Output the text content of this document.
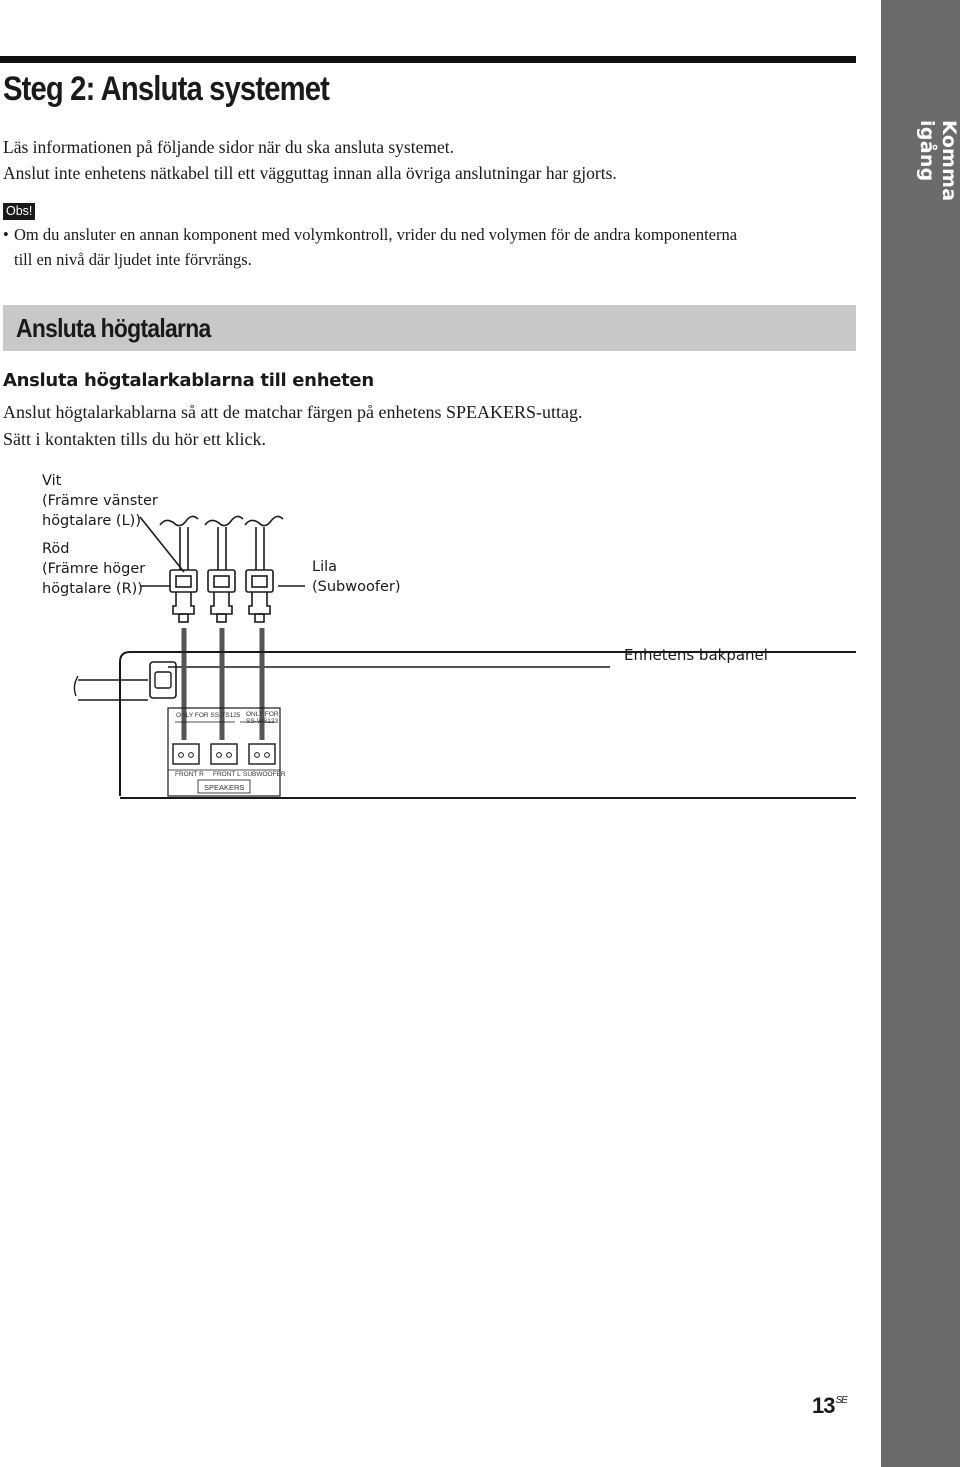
Komma igång
Steg 2: Ansluta systemet

Läs informationen på följande sidor när du ska ansluta systemet.

Anslut inte enhetens nätkabel till ett vägguttag innan alla övriga anslutningar har gjorts.

Obs!
• Om du ansluter en annan komponent med volymkontroll, vrider du ned volymen för de andra komponenterna
till en nivå där ljudet inte förvrängs.
Ansluta högtalarna
Ansluta högtalarkablarna till enheten

Anslut högtalarkablarna så att de matchar färgen på enhetens SPEAKERS-uttag.

Sätt i kontakten tills du hör ett klick.

Vit
(Främre vänster
högtalare (L))
Röd
(Främre höger
högtalare (R))
Lila
(Subwoofer)
Enhetens bakpanel
ONLY FOR SS-TS125 ONLY FOR
SS-WS123
FRONT R FRONT L SUBWOOFER
SPEAKERS
$13^{SE}$
